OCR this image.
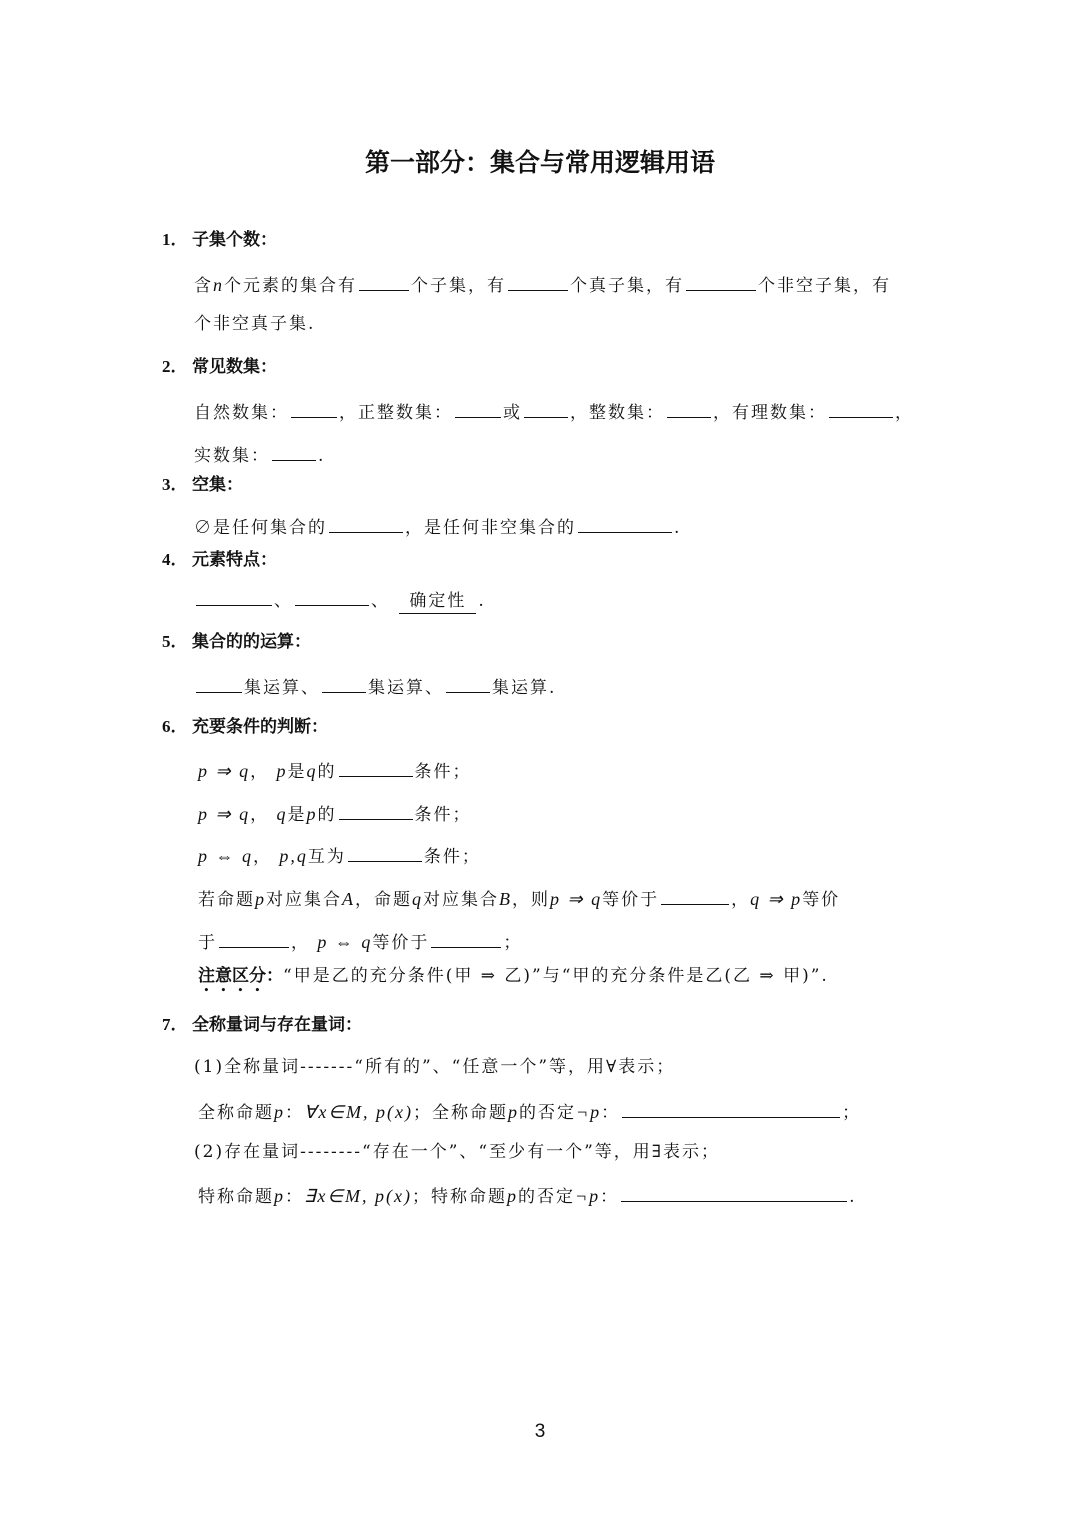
第一部分：集合与常用逻辑用语
1． 子集个数：
含n个元素的集合有	个子集，有	个真子集，有	个非空子集，有
个非空真子集.
2． 常见数集：
自然数集：	，正整数集：	或	，整数集：	，有理数集：	，
实数集：	.
3． 空集：
∅是任何集合的	，是任何非空集合的	.
4． 元素特点：
、	、 确定性 .
5． 集合的的运算：
集运算、	集运算、	集运算.
6． 充要条件的判断：
p ⇒ q， p是q的	条件；
p ⇒ q， q是p的	条件；
p ⇔ q， p,q互为	条件；
若命题p对应集合A，命题q对应集合B，则p ⇒ q等价于	，q ⇒ p等价
于	， p ⇔ q等价于	；
注意区分：“甲是乙的充分条件(甲 ⇒ 乙)”与“甲的充分条件是乙(乙 ⇒ 甲)”.
7． 全称量词与存在量词：
(1)全称量词-------“所有的”、“任意一个”等，用∀表示；
全称命题p：∀x∈M, p(x)；全称命题p的否定¬p：	；
(2)存在量词--------“存在一个”、“至少有一个”等，用∃表示；
特称命题p：∃x∈M, p(x)；特称命题p的否定¬p：	.
3
